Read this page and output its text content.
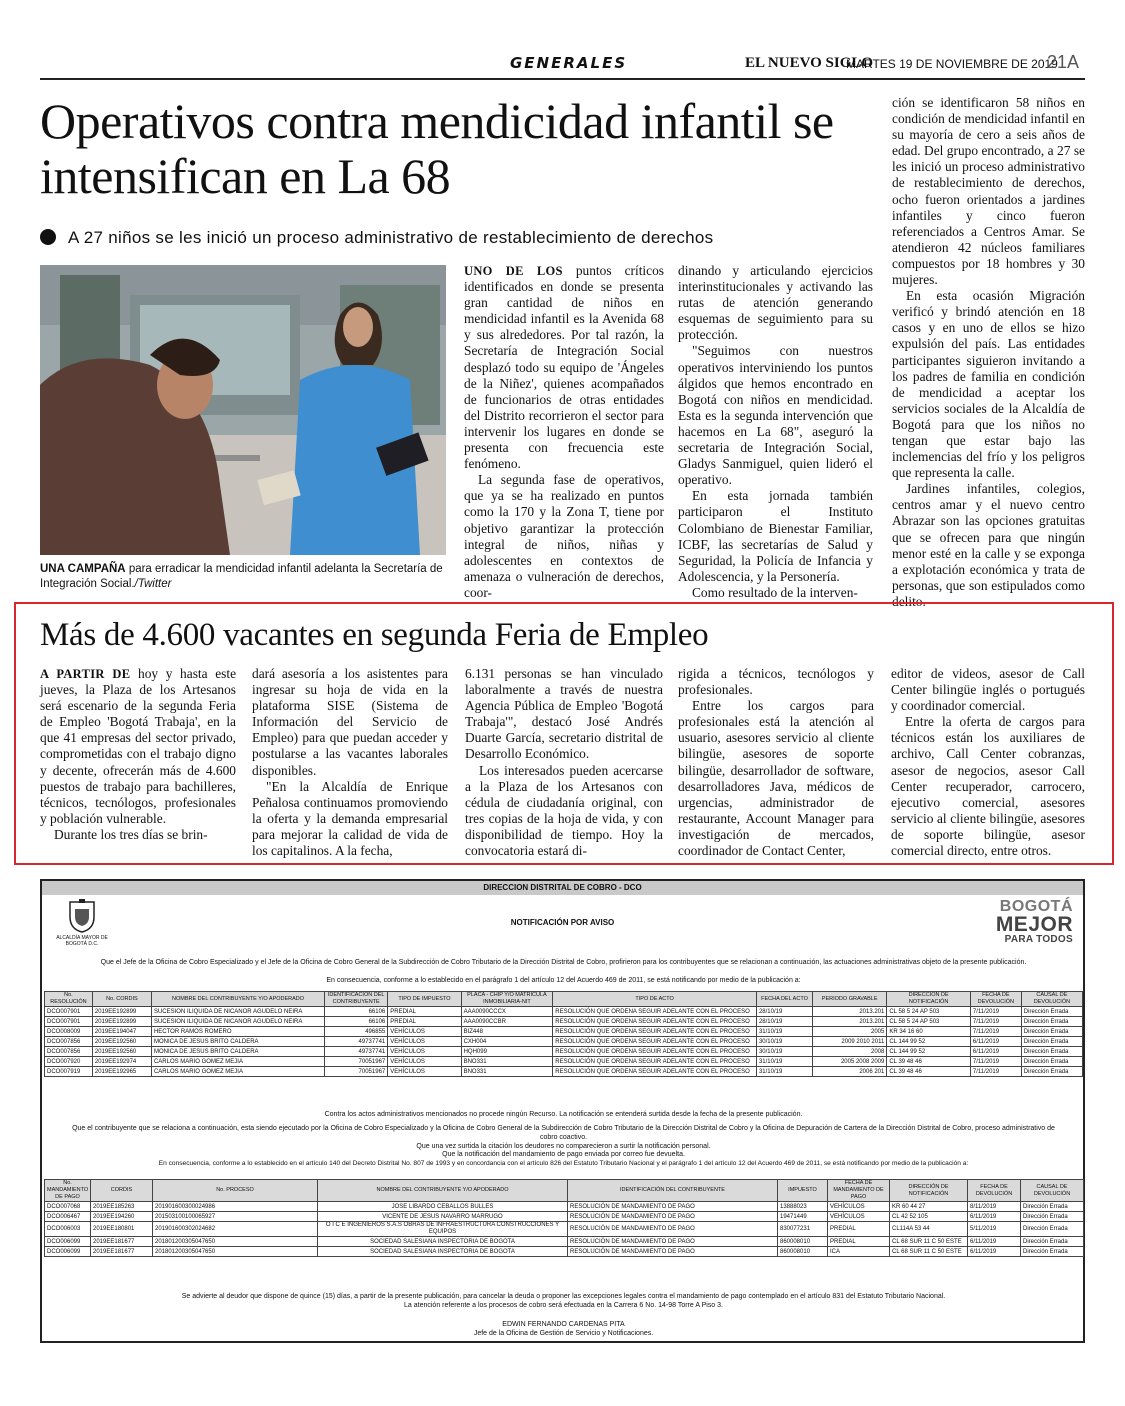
GENERALES	EL NUEVO SIGLO
MARTES 19 DE NOVIEMBRE DE 2019
21A
Operativos contra mendicidad infantil se intensifican en La 68
A 27 niños se les inició un proceso administrativo de restablecimiento de derechos
UNA CAMPAÑA para erradicar la mendicidad infantil adelanta la Secretaría de Integración Social./Twitter

UNO DE LOS puntos críticos identificados en donde se presenta gran cantidad de niños en mendicidad infantil es la Avenida 68 y sus alrededores. Por tal razón, la Secretaría de Integración Social desplazó todo su equipo de 'Ángeles de la Niñez', quienes acompañados de funcionarios de otras entidades del Distrito recorrieron el sector para intervenir los lugares en donde se presenta con frecuencia este fenómeno.

La segunda fase de operativos, que ya se ha realizado en puntos como la 170 y la Zona T, tiene por objetivo garantizar la protección integral de niños, niñas y adolescentes en contextos de amenaza o vulneración de derechos, coor-

dinando y articulando ejercicios interinstitucionales y activando las rutas de atención generando esquemas de seguimiento para su protección.

"Seguimos con nuestros operativos interviniendo los puntos álgidos que hemos encontrado en Bogotá con niños en mendicidad. Esta es la segunda intervención que hacemos en La 68", aseguró la secretaria de Integración Social, Gladys Sanmiguel, quien lideró el operativo.

En esta jornada también participaron el Instituto Colombiano de Bienestar Familiar, ICBF, las secretarías de Salud y Seguridad, la Policía de Infancia y Adolescencia, y la Personería.

Como resultado de la interven-

ción se identificaron 58 niños en condición de mendicidad infantil en su mayoría de cero a seis años de edad. Del grupo encontrado, a 27 se les inició un proceso administrativo de restablecimiento de derechos, ocho fueron orientados a jardines infantiles y cinco fueron referenciados a Centros Amar. Se atendieron 42 núcleos familiares compuestos por 18 hombres y 30 mujeres.

En esta ocasión Migración verificó y brindó atención en 18 casos y en uno de ellos se hizo expulsión del país. Las entidades participantes siguieron invitando a los padres de familia en condición de mendicidad a aceptar los servicios sociales de la Alcaldía de Bogotá para que los niños no tengan que estar bajo las inclemencias del frío y los peligros que representa la calle.

Jardines infantiles, colegios, centros amar y el nuevo centro Abrazar son las opciones gratuitas que se ofrecen para que ningún menor esté en la calle y se exponga a explotación económica y trata de personas, que son estipulados como delito.

Más de 4.600 vacantes en segunda Feria de Empleo

A PARTIR DE hoy y hasta este jueves, la Plaza de los Artesanos será escenario de la segunda Feria de Empleo 'Bogotá Trabaja', en la que 41 empresas del sector privado, comprometidas con el trabajo digno y decente, ofrecerán más de 4.600 puestos de trabajo para bachilleres, técnicos, tecnólogos, profesionales y población vulnerable.

Durante los tres días se brin-

dará asesoría a los asistentes para ingresar su hoja de vida en la plataforma SISE (Sistema de Información del Servicio de Empleo) para que puedan acceder y postularse a las vacantes laborales disponibles.

"En la Alcaldía de Enrique Peñalosa continuamos promoviendo la oferta y la demanda empresarial para mejorar la calidad de vida de los capitalinos. A la fecha,

6.131 personas se han vinculado laboralmente a través de nuestra Agencia Pública de Empleo 'Bogotá Trabaja'", destacó José Andrés Duarte García, secretario distrital de Desarrollo Económico.

Los interesados pueden acercarse a la Plaza de los Artesanos con cédula de ciudadanía original, con tres copias de la hoja de vida, y con disponibilidad de tiempo. Hoy la convocatoria estará di-

rigida a técnicos, tecnólogos y profesionales.

Entre los cargos para profesionales está la atención al usuario, asesores servicio al cliente bilingüe, asesores de soporte bilingüe, desarrollador de software, desarrolladores Java, médicos de urgencias, administrador de restaurante, Account Manager para investigación de mercados, coordinador de Contact Center,

editor de videos, asesor de Call Center bilingüe inglés o portugués y coordinador comercial.

Entre la oferta de cargos para técnicos están los auxiliares de archivo, Call Center cobranzas, asesor de negocios, asesor Call Center recuperador, carrocero, ejecutivo comercial, asesores servicio al cliente bilingüe, asesores de soporte bilingüe, asesor comercial directo, entre otros.

DIRECCION DISTRITAL DE COBRO - DCO
ALCALDÍA MAYOR DE BOGOTÁ D.C.
NOTIFICACIÓN POR AVISO
BOGOTÁ
MEJOR
PARA TODOS
Que el Jefe de la Oficina de Cobro Especializado y el Jefe de la Oficina de Cobro General de la Subdirección de Cobro Tributario de la Dirección Distrital de Cobro, profirieron para los contribuyentes que se relacionan a continuación, las actuaciones administrativas objeto de la presente publicación.
En consecuencia, conforme a lo establecido en el parágrafo 1 del artículo 12 del Acuerdo 469 de 2011, se está notificando por medio de la publicación a:
No. RESOLUCIÓN	No. CORDIS	NOMBRE DEL CONTRIBUYENTE Y/O APODERADO	IDENTIFICACIÓN DEL CONTRIBUYENTE	TIPO DE IMPUESTO	PLACA - CHIP Y/O MATRICULA INMOBILIARIA-NIT	TIPO DE ACTO	FECHA DEL ACTO	PERIODO GRAVABLE	DIRECCIÓN DE NOTIFICACIÓN	FECHA DE DEVOLUCIÓN	CAUSAL DE DEVOLUCIÓN
DCO007901	2019EE192899	SUCESION ILIQUIDA DE NICANOR AGUDELO NEIRA	66106	PREDIAL	AAA0090CCCX	RESOLUCIÓN QUE ORDENA SEGUIR ADELANTE CON EL PROCESO	28/10/19	2013.201	CL 58 5 24 AP 503	7/11/2019	Dirección Errada
DCO007901	2019EE192899	SUCESION ILIQUIDA DE NICANOR AGUDELO NEIRA	66106	PREDIAL	AAA0090CCBR	RESOLUCIÓN QUE ORDENA SEGUIR ADELANTE CON EL PROCESO	28/10/19	2013.201	CL 58 5 24 AP 503	7/11/2019	Dirección Errada
DCO008009	2019EE194047	HECTOR RAMOS ROMERO	496855	VEHÍCULOS	BIZ448	RESOLUCIÓN QUE ORDENA SEGUIR ADELANTE CON EL PROCESO	31/10/19	2005	KR 34 16 60	7/11/2019	Dirección Errada
DCO007856	2019EE192560	MONICA DE JESUS BRITO CALDERA	49737741	VEHÍCULOS	CXH004	RESOLUCIÓN QUE ORDENA SEGUIR ADELANTE CON EL PROCESO	30/10/19	2009 2010 2011	CL 144 99 52	6/11/2019	Dirección Errada
DCO007856	2019EE192560	MONICA DE JESUS BRITO CALDERA	49737741	VEHÍCULOS	HQH099	RESOLUCIÓN QUE ORDENA SEGUIR ADELANTE CON EL PROCESO	30/10/19	2008	CL 144 99 52	6/11/2019	Dirección Errada
DCO007920	2019EE192974	CARLOS MARIO GOMEZ MEJIA	70051967	VEHÍCULOS	BNO331	RESOLUCIÓN QUE ORDENA SEGUIR ADELANTE CON EL PROCESO	31/10/19	2005 2008 2009	CL 39 48 46	7/11/2019	Dirección Errada
DCO007919	2019EE192965	CARLOS MARIO GOMEZ MEJIA	70051967	VEHÍCULOS	BNO331	RESOLUCIÓN QUE ORDENA SEGUIR ADELANTE CON EL PROCESO	31/10/19	2006 201	CL 39 48 46	7/11/2019	Dirección Errada
Contra los actos administrativos mencionados no procede ningún Recurso. La notificación se entenderá surtida desde la fecha de la presente publicación.
Que el contribuyente que se relaciona a continuación, esta siendo ejecutado por la Oficina de Cobro Especializado y la Oficina de Cobro General de la Subdirección de Cobro Tributario de la Dirección Distrital de Cobro y la Oficina de Depuración de Cartera de la Dirección Distrital de Cobro, proceso administrativo de cobro coactivo.
Que una vez surtida la citación los deudores no comparecieron a surtir la notificación personal.
Que la notificación del mandamiento de pago enviada por correo fue devuelta.
En consecuencia, conforme a lo establecido en el artículo 140 del Decreto Distrital No. 807 de 1993 y en concordancia con el artículo 826 del Estatuto Tributario Nacional y el parágrafo 1 del artículo 12 del Acuerdo 469 de 2011, se está notificando por medio de la publicación a:
No. MANDAMIENTO DE PAGO	CORDIS	No. PROCESO	NOMBRE DEL CONTRIBUYENTE Y/O APODERADO	IDENTIFICACIÓN DEL CONTRIBUYENTE	IMPUESTO	FECHA DE MANDAMIENTO DE PAGO	DIRECCIÓN DE NOTIFICACIÓN	FECHA DE DEVOLUCIÓN	CAUSAL DE DEVOLUCIÓN
DCO007068	2019EE185263	201901600300024986	JOSE LIBARDO CEBALLOS BULLES	RESOLUCIÓN DE MANDAMIENTO DE PAGO	13888023	VEHÍCULOS	KR 60 44 27	8/11/2019	Dirección Errada
DCO006467	2019EE194260	201503100100065927	VICENTE DE JESUS NAVARRO MARRUGO	RESOLUCIÓN DE MANDAMIENTO DE PAGO	19471449	VEHÍCULOS	CL 42 52 105	6/11/2019	Dirección Errada
DCO006003	2019EE180801	201901600302024682	O I C E INGENIEROS S.A.S OBRAS DE INFRAESTRUCTURA CONSTRUCCIONES Y EQUIPOS	RESOLUCIÓN DE MANDAMIENTO DE PAGO	830077231	PREDIAL	CL114A 53 44	5/11/2019	Dirección Errada
DCO006099	2019EE181677	201801200305047650	SOCIEDAD SALESIANA INSPECTORIA DE BOGOTA	RESOLUCIÓN DE MANDAMIENTO DE PAGO	860008010	PREDIAL	CL 68 SUR 11 C 50 ESTE	6/11/2019	Dirección Errada
DCO006099	2019EE181677	201801200305047650	SOCIEDAD SALESIANA INSPECTORIA DE BOGOTA	RESOLUCIÓN DE MANDAMIENTO DE PAGO	860008010	ICA	CL 68 SUR 11 C 50 ESTE	6/11/2019	Dirección Errada
Se advierte al deudor que dispone de quince (15) días, a partir de la presente publicación, para cancelar la deuda o proponer las excepciones legales contra el mandamiento de pago contemplado en el artículo 831 del Estatuto Tributario Nacional.
La atención referente a los procesos de cobro será efectuada en la Carrera 6 No. 14-98 Torre A Piso 3.
EDWIN FERNANDO CARDENAS PITA
Jefe de la Oficina de Gestión de Servicio y Notificaciones.
